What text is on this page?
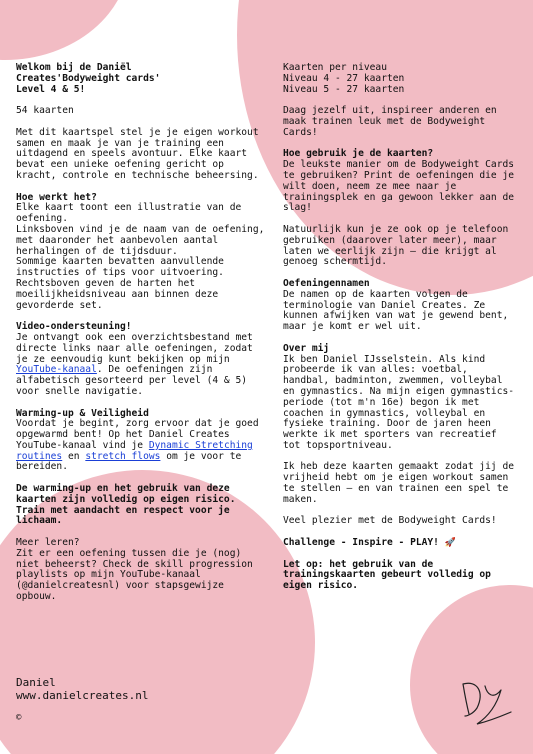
Welkom bij de Daniël
Creates'Bodyweight cards'
Level 4 & 5!

54 kaarten

Met dit kaartspel stel je je eigen workout samen en maak je van je training een uitdagend en speels avontuur. Elke kaart bevat een unieke oefening gericht op kracht, controle en technische beheersing.

Hoe werkt het?

Elke kaart toont een illustratie van de oefening.
Linksboven vind je de naam van de oefening, met daaronder het aanbevolen aantal herhalingen of de tijdsduur.
Sommige kaarten bevatten aanvullende instructies of tips voor uitvoering. Rechtsboven geven de harten het moeilijkheidsniveau aan binnen deze gevorderde set.

Video-ondersteuning!

Je ontvangt ook een overzichtsbestand met directe links naar alle oefeningen, zodat je ze eenvoudig kunt bekijken op mijn YouTube-kanaal. De oefeningen zijn alfabetisch gesorteerd per level (4 & 5) voor snelle navigatie.

Warming-up & Veiligheid

Voordat je begint, zorg ervoor dat je goed opgewarmd bent! Op het Daniel Creates YouTube-kanaal vind je Dynamic Stretching routines en stretch flows om je voor te bereiden.

De warming-up en het gebruik van deze kaarten zijn volledig op eigen risico. Train met aandacht en respect voor je lichaam.

Meer leren?
Zit er een oefening tussen die je (nog) niet beheerst? Check de skill progression playlists op mijn YouTube-kanaal (@danielcreatesnl) voor stapsgewijze opbouw.

Kaarten per niveau
Niveau 4 - 27 kaarten
Niveau 5 - 27 kaarten

Daag jezelf uit, inspireer anderen en maak trainen leuk met de Bodyweight Cards!

Hoe gebruik je de kaarten?

De leukste manier om de Bodyweight Cards te gebruiken? Print de oefeningen die je wilt doen, neem ze mee naar je trainingsplek en ga gewoon lekker aan de slag!

Natuurlijk kun je ze ook op je telefoon gebruiken (daarover later meer), maar laten we eerlijk zijn — die krijgt al genoeg schermtijd.

Oefeningennamen

De namen op de kaarten volgen de terminologie van Daniel Creates. Ze kunnen afwijken van wat je gewend bent, maar je komt er wel uit.

Over mij

Ik ben Daniel IJsselstein. Als kind probeerde ik van alles: voetbal, handbal, badminton, zwemmen, volleybal en gymnastics. Na mijn eigen gymnastics-periode (tot m'n 16e) begon ik met coachen in gymnastics, volleybal en fysieke training. Door de jaren heen werkte ik met sporters van recreatief tot topsportniveau.

Ik heb deze kaarten gemaakt zodat jij de vrijheid hebt om je eigen workout samen te stellen — en van trainen een spel te maken.

Veel plezier met de Bodyweight Cards!

Challenge - Inspire - PLAY! 🚀

Let op: het gebruik van de trainingskaarten gebeurt volledig op eigen risico.

Daniel
www.danielcreates.nl
©
